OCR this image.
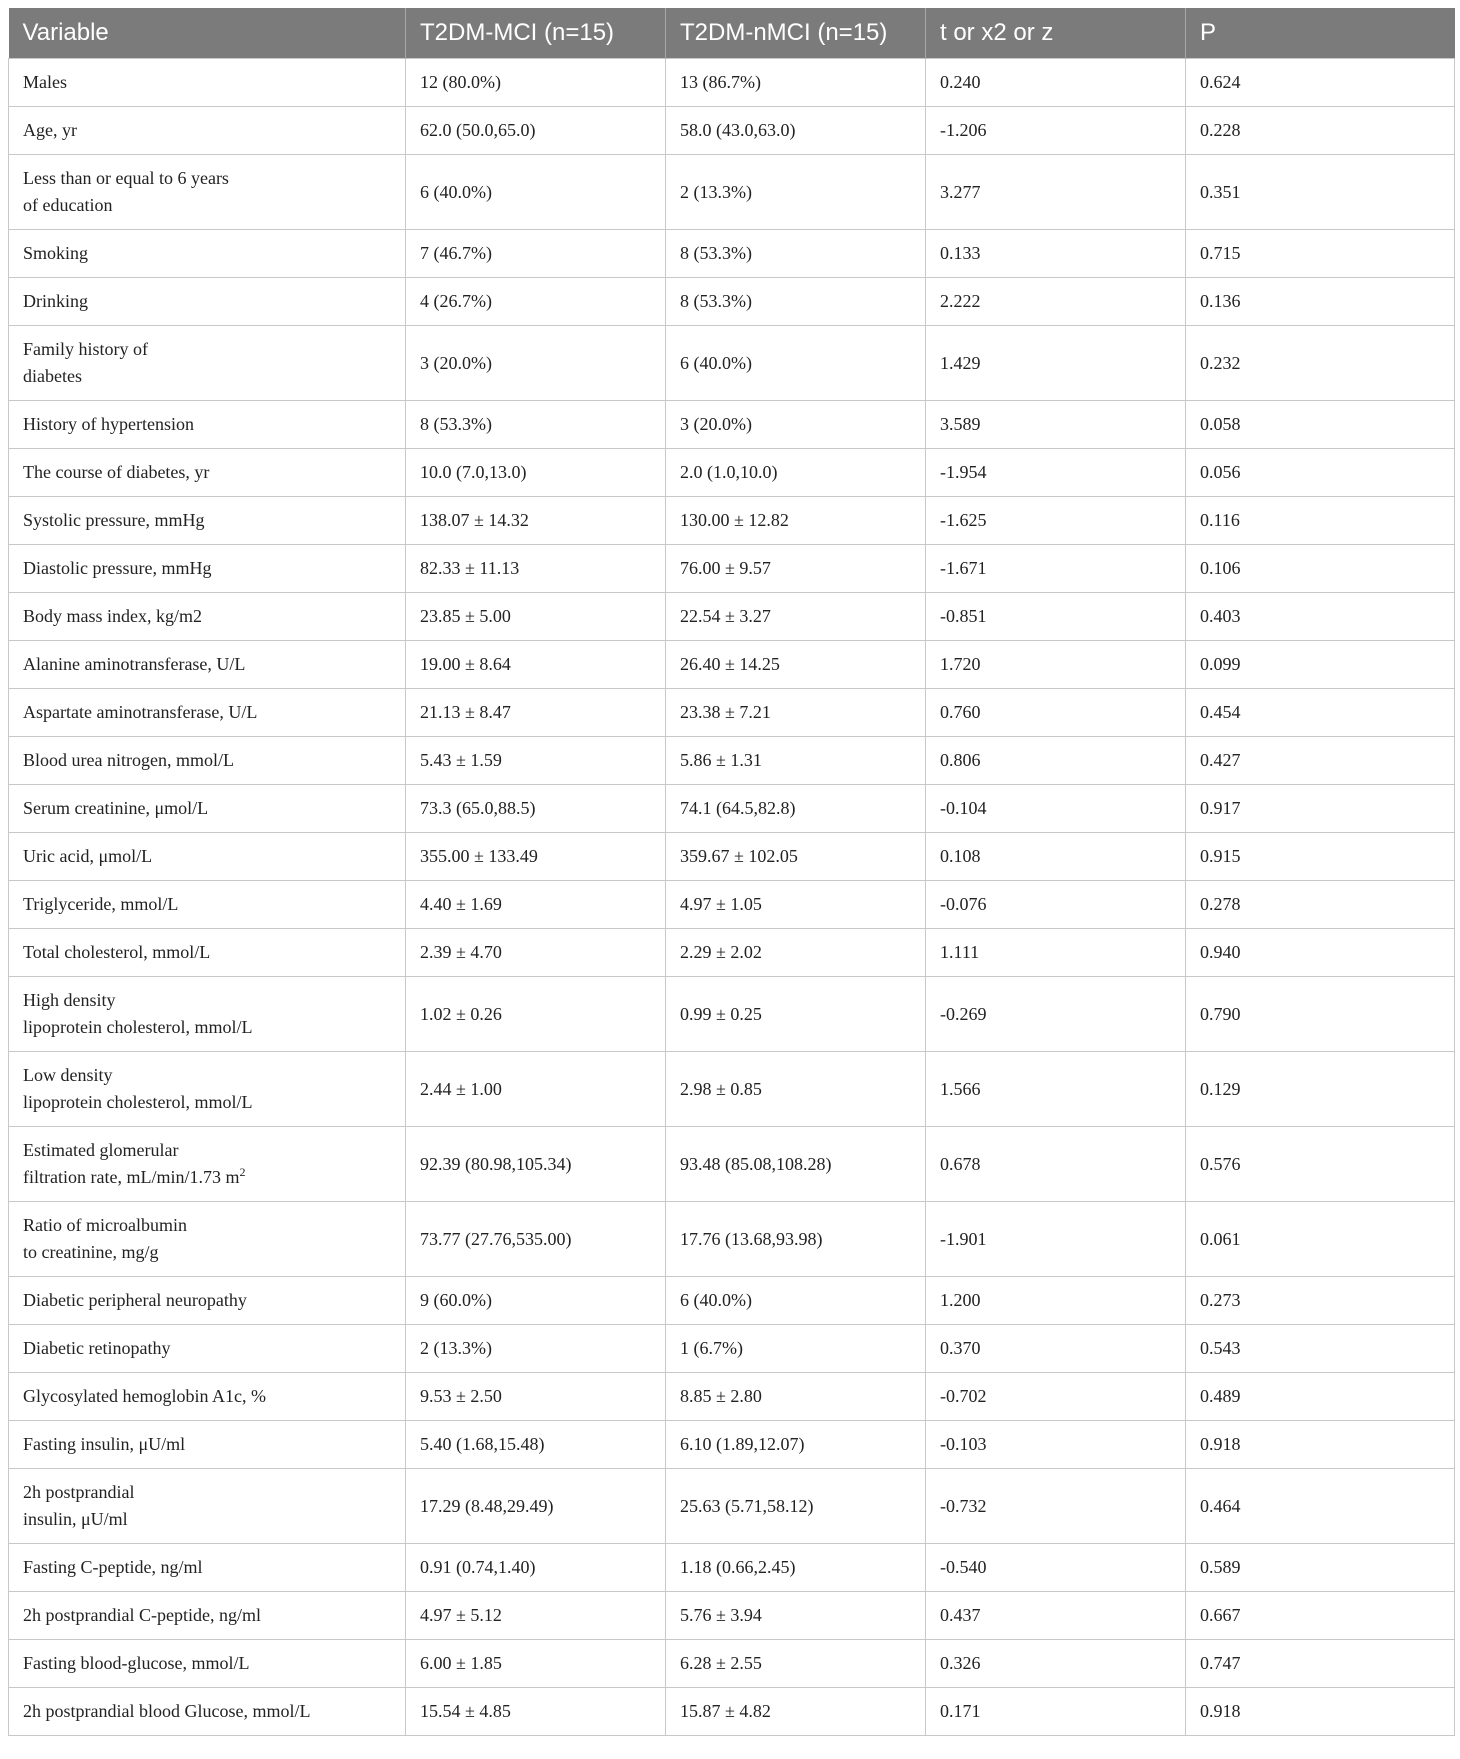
Variable	T2DM-MCI (n=15)	T2DM-nMCI (n=15)	t or x2 or z	P
Males	12 (80.0%)	13 (86.7%)	0.240	0.624
Age, yr	62.0 (50.0,65.0)	58.0 (43.0,63.0)	-1.206	0.228
Less than or equal to 6 years
of education	6 (40.0%)	2 (13.3%)	3.277	0.351
Smoking	7 (46.7%)	8 (53.3%)	0.133	0.715
Drinking	4 (26.7%)	8 (53.3%)	2.222	0.136
Family history of
diabetes	3 (20.0%)	6 (40.0%)	1.429	0.232
History of hypertension	8 (53.3%)	3 (20.0%)	3.589	0.058
The course of diabetes, yr	10.0 (7.0,13.0)	2.0 (1.0,10.0)	-1.954	0.056
Systolic pressure, mmHg	138.07 ± 14.32	130.00 ± 12.82	-1.625	0.116
Diastolic pressure, mmHg	82.33 ± 11.13	76.00 ± 9.57	-1.671	0.106
Body mass index, kg/m2	23.85 ± 5.00	22.54 ± 3.27	-0.851	0.403
Alanine aminotransferase, U/L	19.00 ± 8.64	26.40 ± 14.25	1.720	0.099
Aspartate aminotransferase, U/L	21.13 ± 8.47	23.38 ± 7.21	0.760	0.454
Blood urea nitrogen, mmol/L	5.43 ± 1.59	5.86 ± 1.31	0.806	0.427
Serum creatinine, μmol/L	73.3 (65.0,88.5)	74.1 (64.5,82.8)	-0.104	0.917
Uric acid, μmol/L	355.00 ± 133.49	359.67 ± 102.05	0.108	0.915
Triglyceride, mmol/L	4.40 ± 1.69	4.97 ± 1.05	-0.076	0.278
Total cholesterol, mmol/L	2.39 ± 4.70	2.29 ± 2.02	1.111	0.940
High density
lipoprotein cholesterol, mmol/L	1.02 ± 0.26	0.99 ± 0.25	-0.269	0.790
Low density
lipoprotein cholesterol, mmol/L	2.44 ± 1.00	2.98 ± 0.85	1.566	0.129
Estimated glomerular
filtration rate, mL/min/1.73 $m^2$	92.39 (80.98,105.34)	93.48 (85.08,108.28)	0.678	0.576
Ratio of microalbumin
to creatinine, mg/g	73.77 (27.76,535.00)	17.76 (13.68,93.98)	-1.901	0.061
Diabetic peripheral neuropathy	9 (60.0%)	6 (40.0%)	1.200	0.273
Diabetic retinopathy	2 (13.3%)	1 (6.7%)	0.370	0.543
Glycosylated hemoglobin A1c, %	9.53 ± 2.50	8.85 ± 2.80	-0.702	0.489
Fasting insulin, μU/ml	5.40 (1.68,15.48)	6.10 (1.89,12.07)	-0.103	0.918
2h postprandial
insulin, μU/ml	17.29 (8.48,29.49)	25.63 (5.71,58.12)	-0.732	0.464
Fasting C-peptide, ng/ml	0.91 (0.74,1.40)	1.18 (0.66,2.45)	-0.540	0.589
2h postprandial C-peptide, ng/ml	4.97 ± 5.12	5.76 ± 3.94	0.437	0.667
Fasting blood-glucose, mmol/L	6.00 ± 1.85	6.28 ± 2.55	0.326	0.747
2h postprandial blood Glucose, mmol/L	15.54 ± 4.85	15.87 ± 4.82	0.171	0.918
